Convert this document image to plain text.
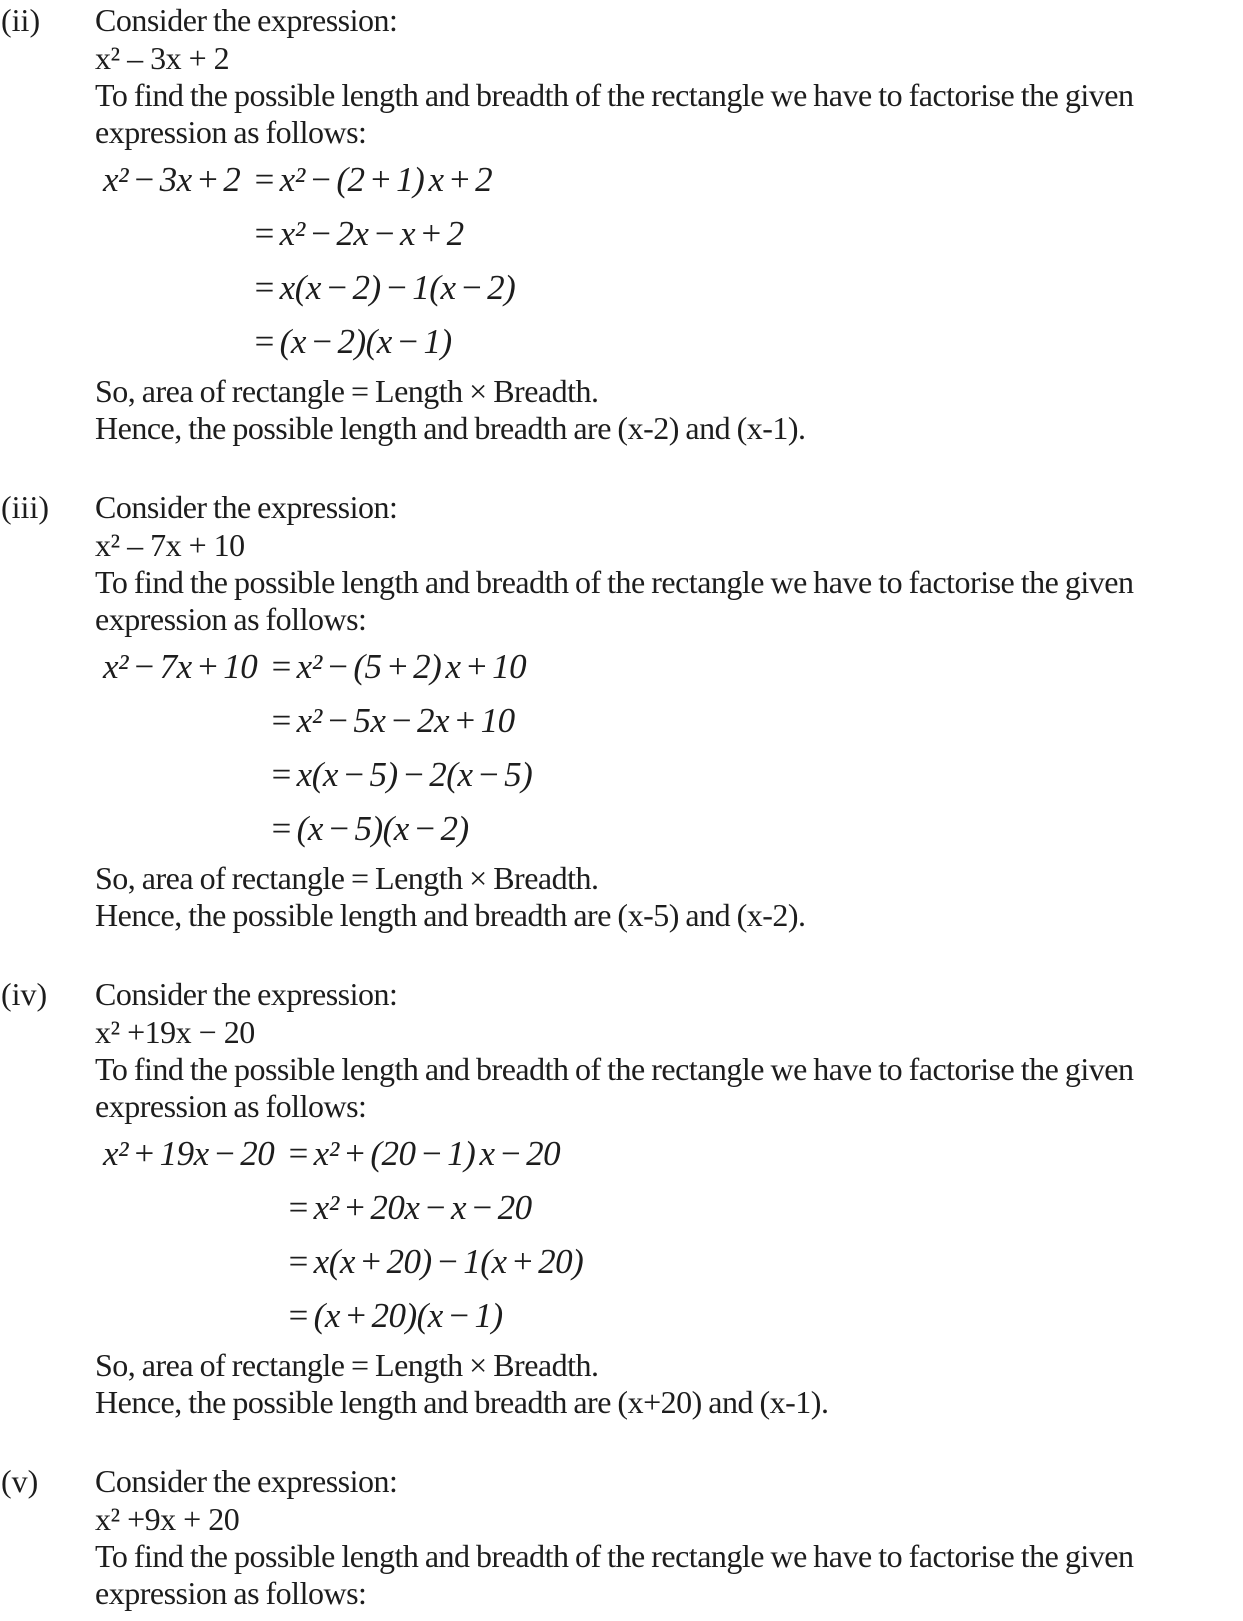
(ii) Consider the expression:
x² – 3x + 2
To find the possible length and breadth of the rectangle we have to factorise the given
expression as follows:
x² − 3x + 2	= x² − (2 + 1) x + 2
	= x² − 2x − x + 2
	= x(x − 2) − 1(x − 2)
	= (x − 2)(x − 1)
So, area of rectangle = Length × Breadth.
Hence, the possible length and breadth are (x-2) and (x-1).
(iii) Consider the expression:
x² – 7x + 10
To find the possible length and breadth of the rectangle we have to factorise the given
expression as follows:
x² − 7x + 10	= x² − (5 + 2) x + 10
	= x² − 5x − 2x + 10
	= x(x − 5) − 2(x − 5)
	= (x − 5)(x − 2)
So, area of rectangle = Length × Breadth.
Hence, the possible length and breadth are (x-5) and (x-2).
(iv) Consider the expression:
x² +19x − 20
To find the possible length and breadth of the rectangle we have to factorise the given
expression as follows:
x² + 19x − 20	= x² + (20 − 1) x − 20
	= x² + 20x − x − 20
	= x(x + 20) − 1(x + 20)
	= (x + 20)(x − 1)
So, area of rectangle = Length × Breadth.
Hence, the possible length and breadth are (x+20) and (x-1).
(v) Consider the expression:
x² +9x + 20
To find the possible length and breadth of the rectangle we have to factorise the given
expression as follows:
